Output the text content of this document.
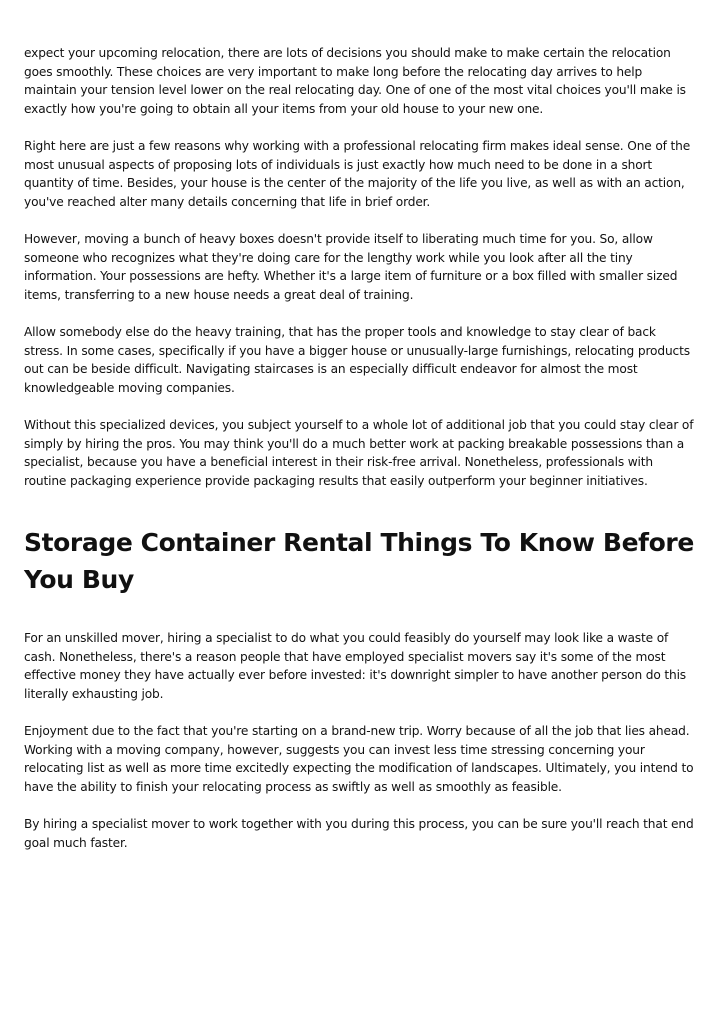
expect your upcoming relocation, there are lots of decisions you should make to make certain the relocation goes smoothly. These choices are very important to make long before the relocating day arrives to help maintain your tension level lower on the real relocating day. One of one of the most vital choices you'll make is exactly how you're going to obtain all your items from your old house to your new one.

Right here are just a few reasons why working with a professional relocating firm makes ideal sense. One of the most unusual aspects of proposing lots of individuals is just exactly how much need to be done in a short quantity of time. Besides, your house is the center of the majority of the life you live, as well as with an action, you've reached alter many details concerning that life in brief order.

However, moving a bunch of heavy boxes doesn't provide itself to liberating much time for you. So, allow someone who recognizes what they're doing care for the lengthy work while you look after all the tiny information. Your possessions are hefty. Whether it's a large item of furniture or a box filled with smaller sized items, transferring to a new house needs a great deal of training.

Allow somebody else do the heavy training, that has the proper tools and knowledge to stay clear of back stress. In some cases, specifically if you have a bigger house or unusually-large furnishings, relocating products out can be beside difficult. Navigating staircases is an especially difficult endeavor for almost the most knowledgeable moving companies.

Without this specialized devices, you subject yourself to a whole lot of additional job that you could stay clear of simply by hiring the pros. You may think you'll do a much better work at packing breakable possessions than a specialist, because you have a beneficial interest in their risk-free arrival. Nonetheless, professionals with routine packaging experience provide packaging results that easily outperform your beginner initiatives.

Storage Container Rental Things To Know Before You Buy

For an unskilled mover, hiring a specialist to do what you could feasibly do yourself may look like a waste of cash. Nonetheless, there's a reason people that have employed specialist movers say it's some of the most effective money they have actually ever before invested: it's downright simpler to have another person do this literally exhausting job.

Enjoyment due to the fact that you're starting on a brand-new trip. Worry because of all the job that lies ahead. Working with a moving company, however, suggests you can invest less time stressing concerning your relocating list as well as more time excitedly expecting the modification of landscapes. Ultimately, you intend to have the ability to finish your relocating process as swiftly as well as smoothly as feasible.

By hiring a specialist mover to work together with you during this process, you can be sure you'll reach that end goal much faster.
